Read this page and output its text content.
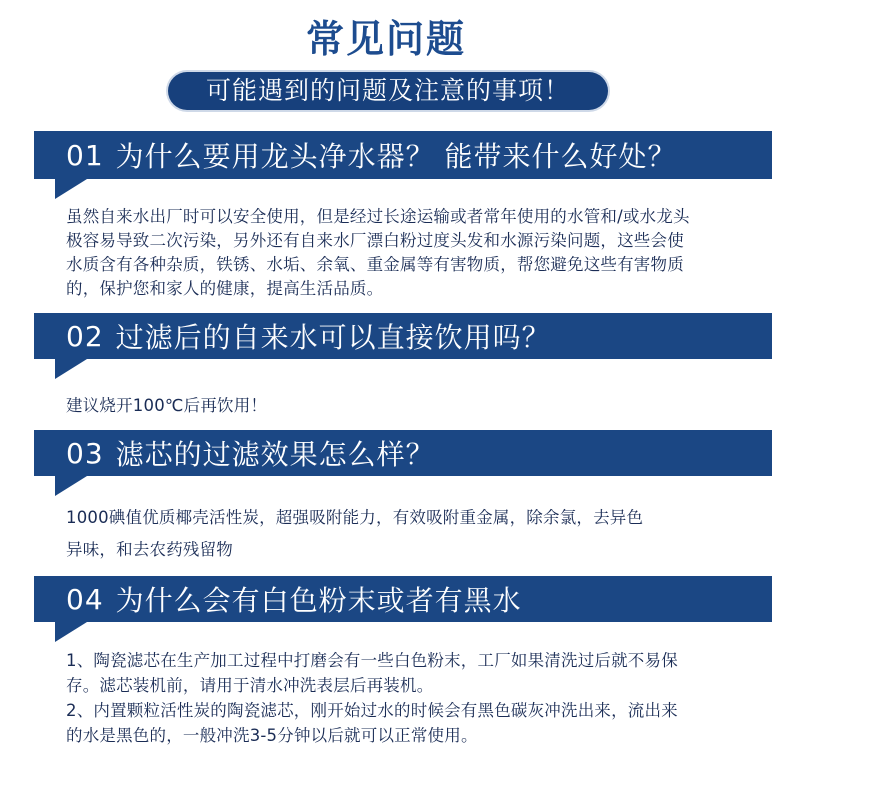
常见问题
可能遇到的问题及注意的事项！
01 为什么要用龙头净水器？ 能带来什么好处？

虽然自来水出厂时可以安全使用，但是经过长途运输或者常年使用的水管和/或水龙头

极容易导致二次污染，另外还有自来水厂漂白粉过度头发和水源污染问题，这些会使

水质含有各种杂质，铁锈、水垢、余氧、重金属等有害物质，帮您避免这些有害物质

的，保护您和家人的健康，提高生活品质。

02 过滤后的自来水可以直接饮用吗？

建议烧开100℃后再饮用！

03 滤芯的过滤效果怎么样？

1000碘值优质椰壳活性炭，超强吸附能力，有效吸附重金属，除余氯，去异色

异味，和去农药残留物

04 为什么会有白色粉末或者有黑水

1、陶瓷滤芯在生产加工过程中打磨会有一些白色粉末，工厂如果清洗过后就不易保

存。滤芯装机前，请用于清水冲洗表层后再装机。

2、内置颗粒活性炭的陶瓷滤芯，刚开始过水的时候会有黑色碳灰冲洗出来，流出来

的水是黑色的，一般冲洗3-5分钟以后就可以正常使用。
